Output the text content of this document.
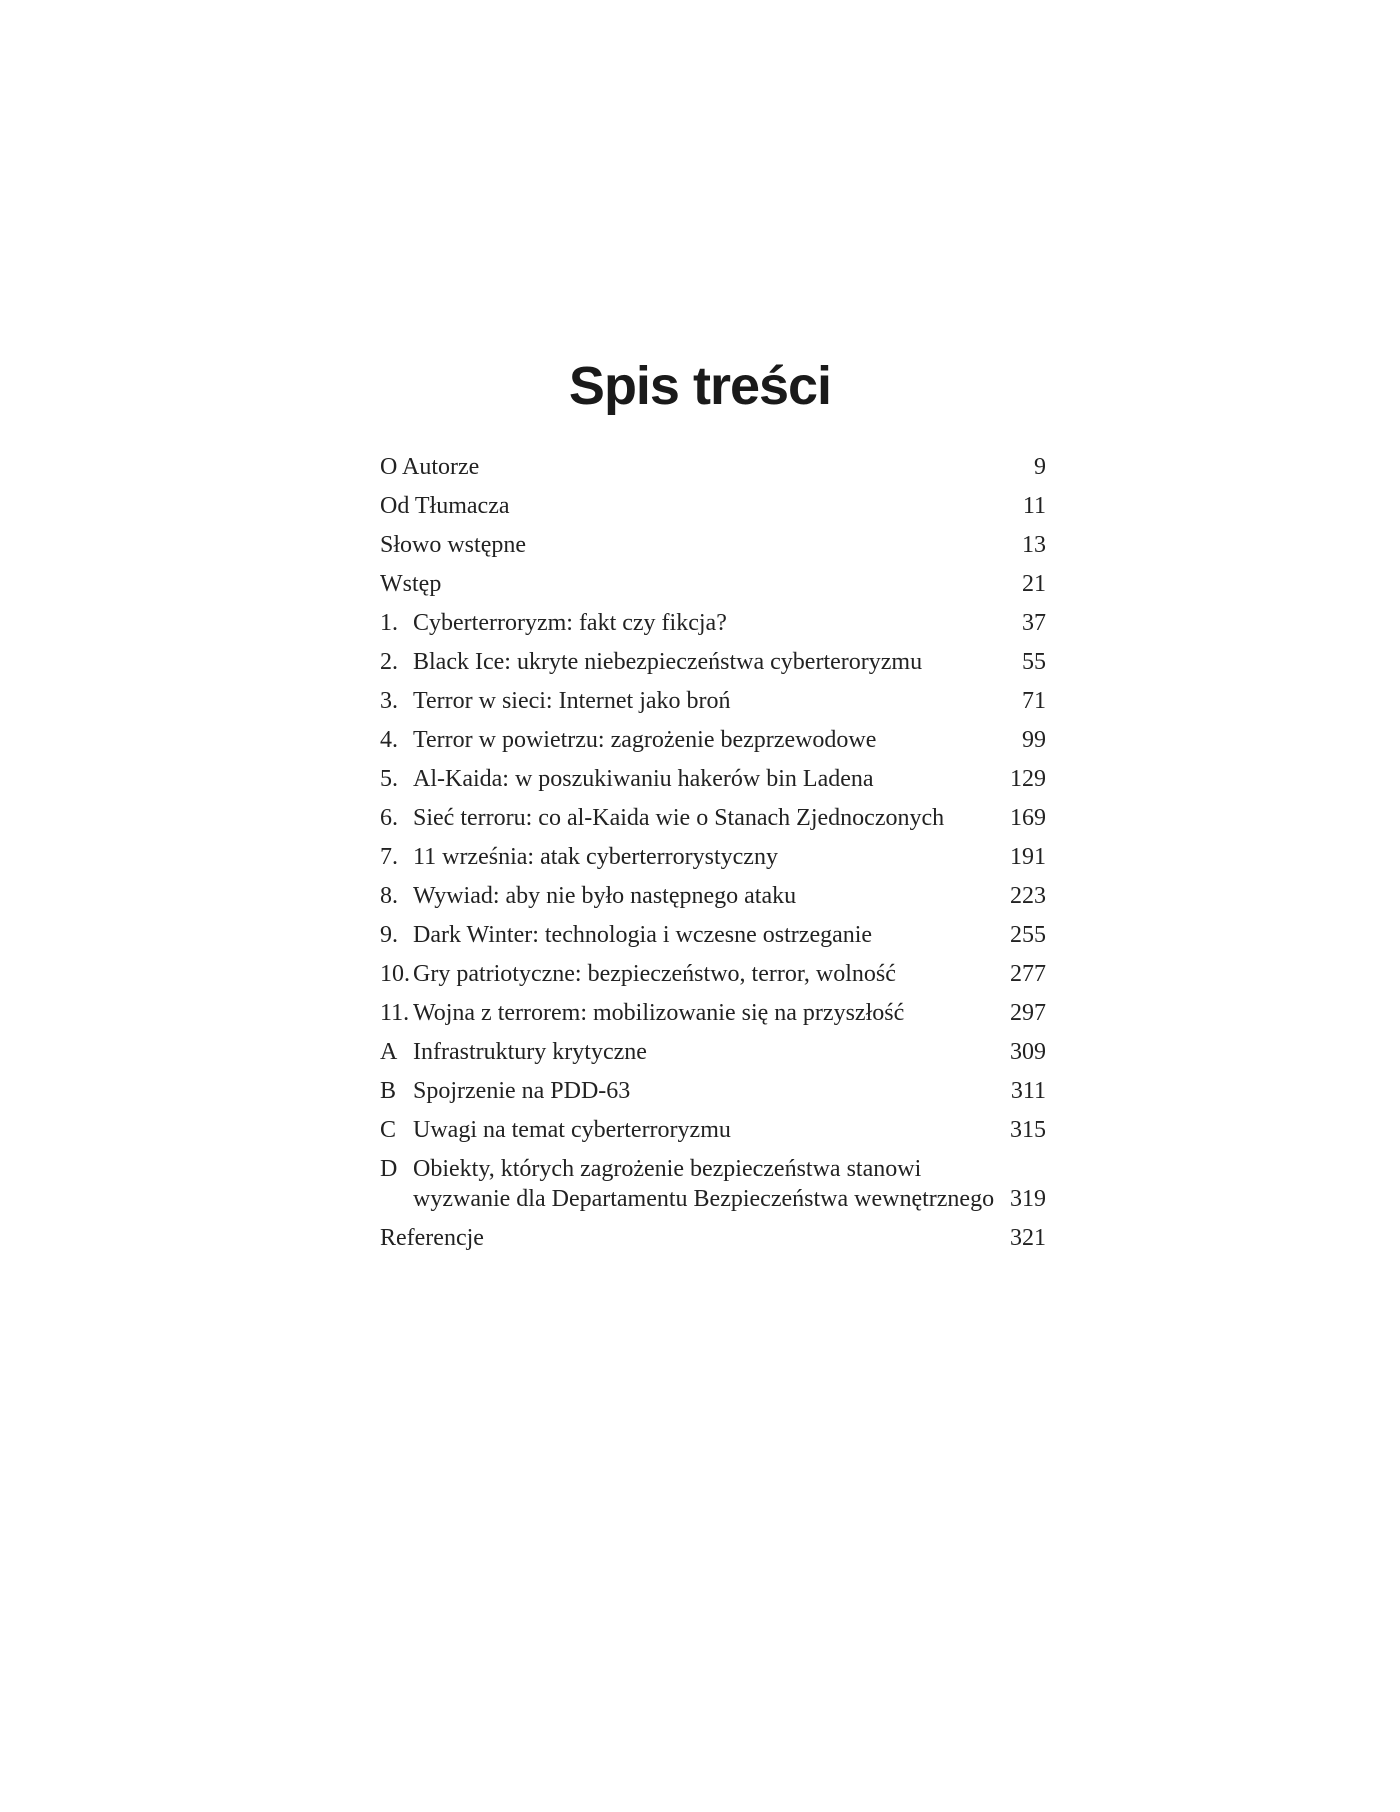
Spis treści
O Autorze	9
Od Tłumacza	11
Słowo wstępne	13
Wstęp	21
1. Cyberterroryzm: fakt czy fikcja?	37
2. Black Ice: ukryte niebezpieczeństwa cyberteroryzmu	55
3. Terror w sieci: Internet jako broń	71
4. Terror w powietrzu: zagrożenie bezprzewodowe	99
5. Al-Kaida: w poszukiwaniu hakerów bin Ladena	129
6. Sieć terroru: co al-Kaida wie o Stanach Zjednoczonych	169
7. 11 września: atak cyberterrorystyczny	191
8. Wywiad: aby nie było następnego ataku	223
9. Dark Winter: technologia i wczesne ostrzeganie	255
10. Gry patriotyczne: bezpieczeństwo, terror, wolność	277
11. Wojna z terrorem: mobilizowanie się na przyszłość	297
A Infrastruktury krytyczne	309
B Spojrzenie na PDD-63	311
C Uwagi na temat cyberterroryzmu	315
D Obiekty, których zagrożenie bezpieczeństwa stanowi
wyzwanie dla Departamentu Bezpieczeństwa wewnętrznego 319
Referencje	321
